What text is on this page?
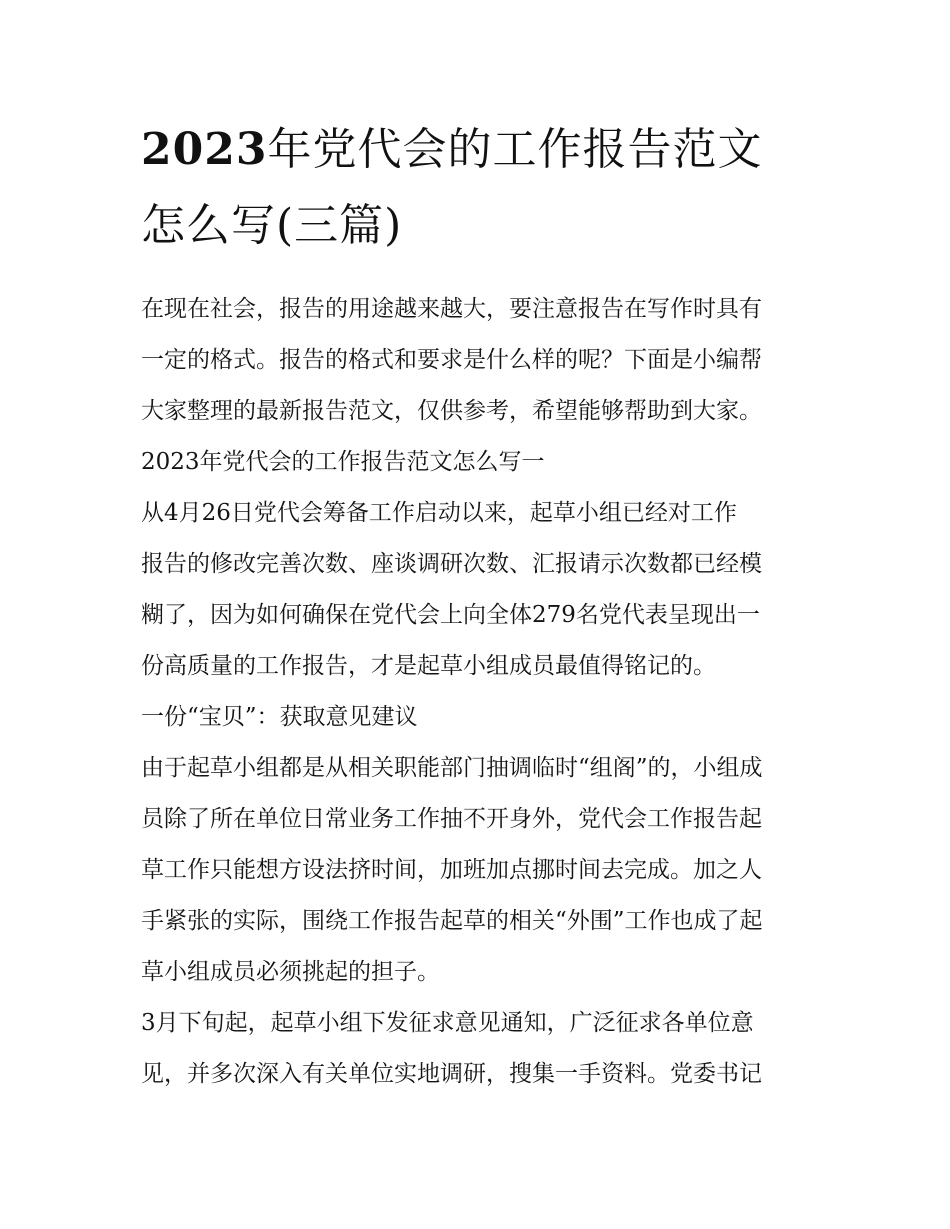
2023年党代会的工作报告范文
怎么写(三篇)
在现在社会，报告的用途越来越大，要注意报告在写作时具有
一定的格式。报告的格式和要求是什么样的呢？下面是小编帮
大家整理的最新报告范文，仅供参考，希望能够帮助到大家。
2023年党代会的工作报告范文怎么写一
从4月26日党代会筹备工作启动以来，起草小组已经对工作
报告的修改完善次数、座谈调研次数、汇报请示次数都已经模
糊了，因为如何确保在党代会上向全体279名党代表呈现出一
份高质量的工作报告，才是起草小组成员最值得铭记的。
一份“宝贝”：获取意见建议
由于起草小组都是从相关职能部门抽调临时“组阁”的，小组成
员除了所在单位日常业务工作抽不开身外，党代会工作报告起
草工作只能想方设法挤时间，加班加点挪时间去完成。加之人
手紧张的实际，围绕工作报告起草的相关“外围”工作也成了起
草小组成员必须挑起的担子。
3月下旬起，起草小组下发征求意见通知，广泛征求各单位意
见，并多次深入有关单位实地调研，搜集一手资料。党委书记
